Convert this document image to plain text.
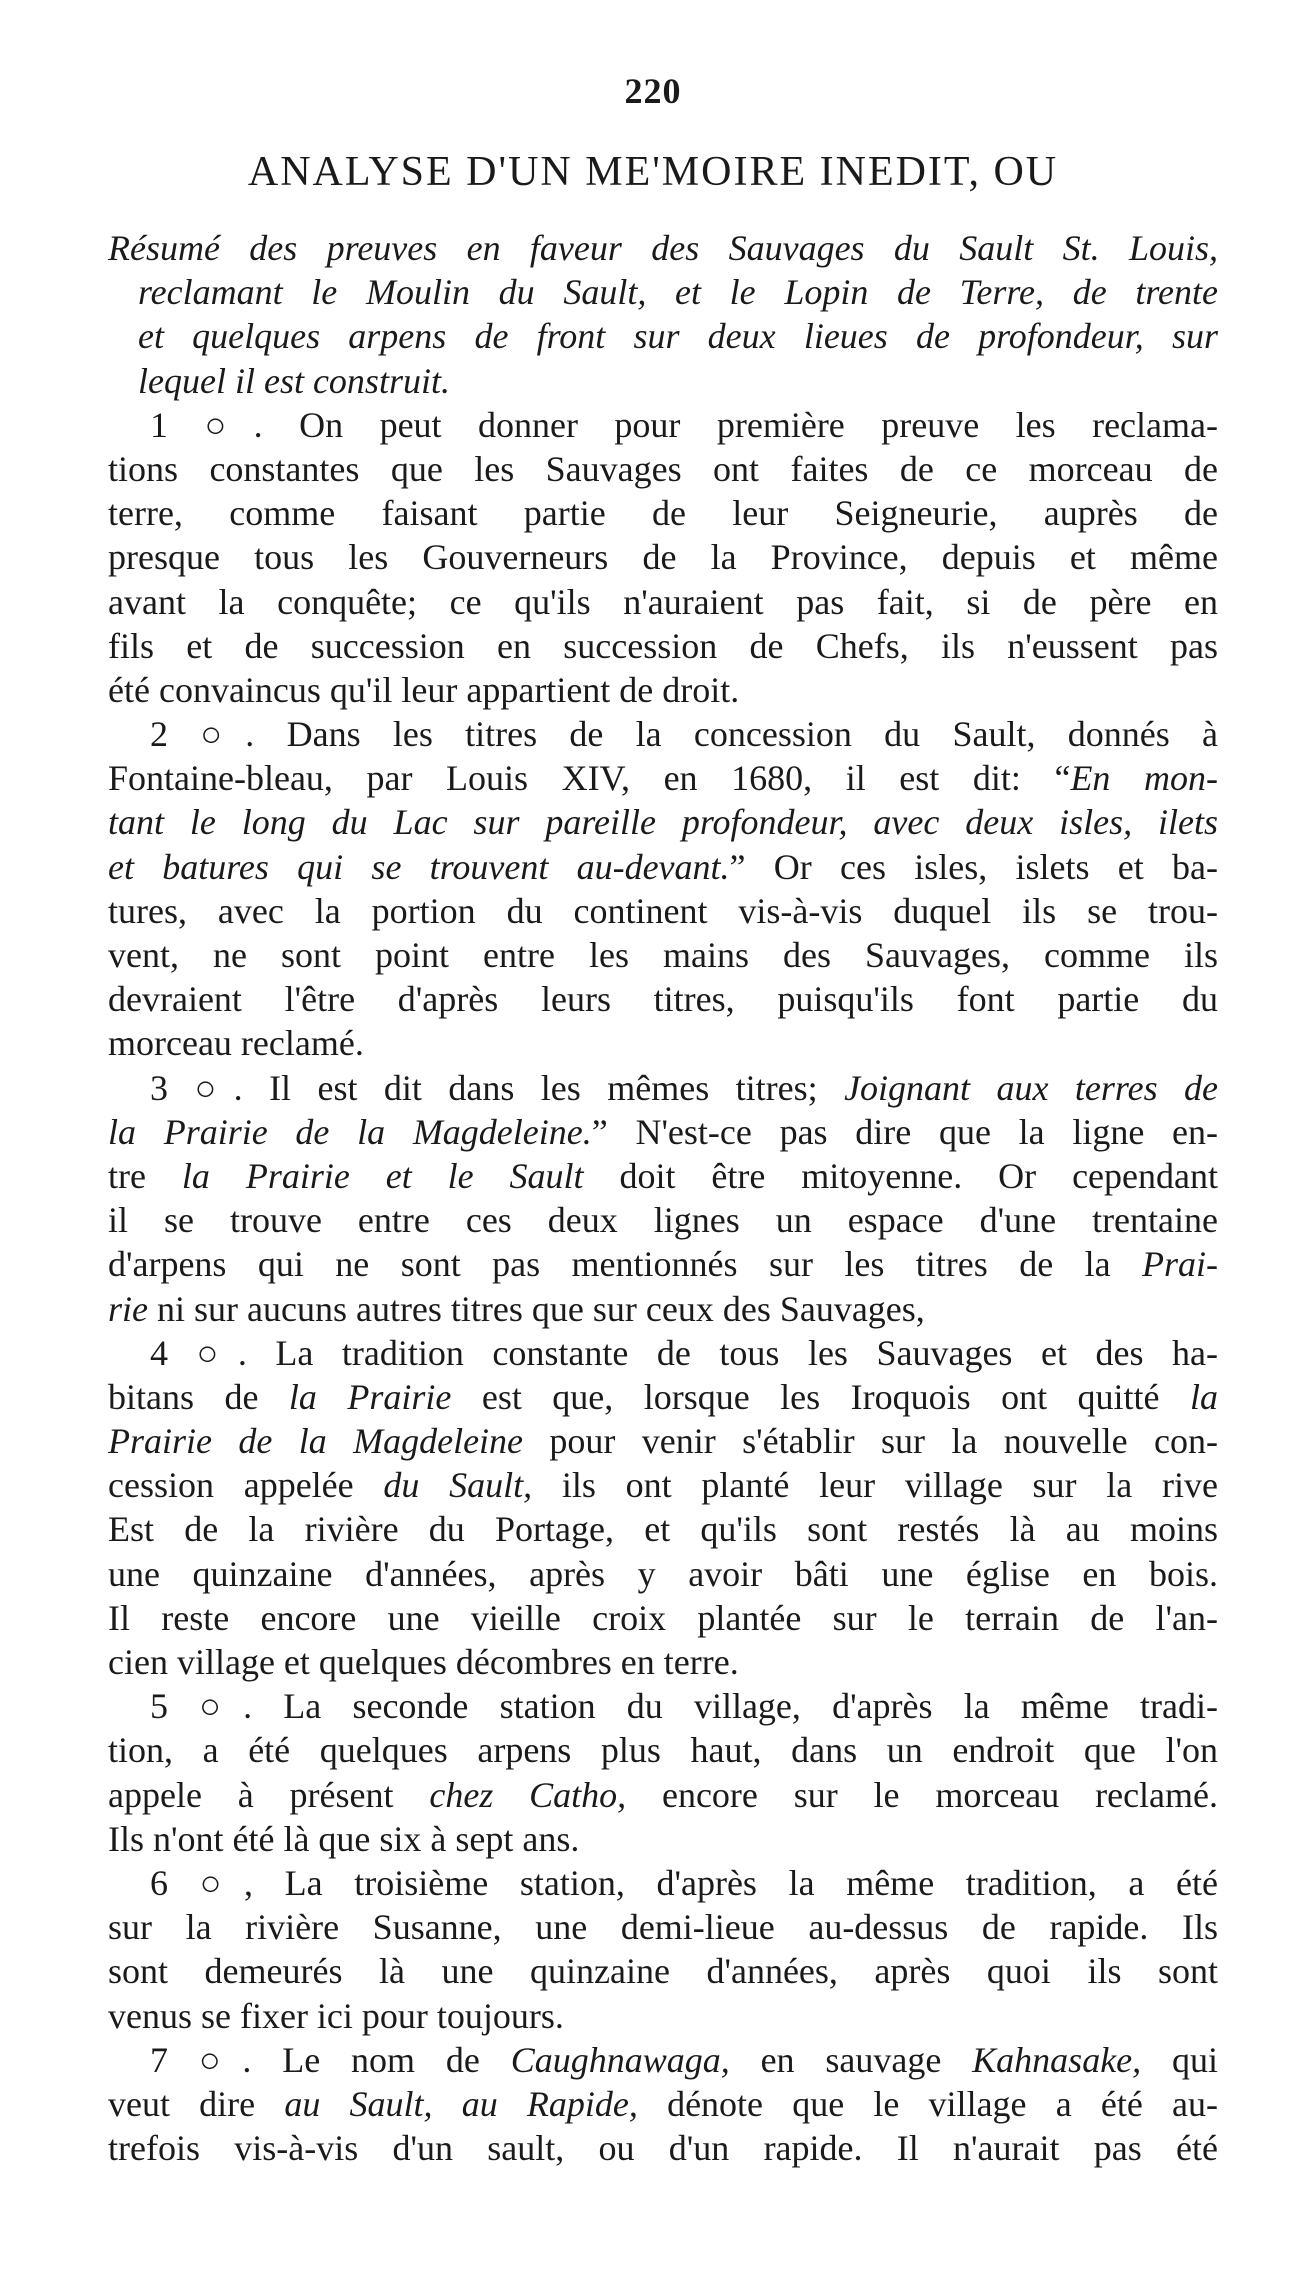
220
ANALYSE D'UN ME'MOIRE INEDIT, OU
Résumé des preuves en faveur des Sauvages du Sault St. Louis,
reclamant le Moulin du Sault, et le Lopin de Terre, de trente
et quelques arpens de front sur deux lieues de profondeur, sur
lequel il est construit.
1 ○. On peut donner pour première preuve les reclama-
tions constantes que les Sauvages ont faites de ce morceau de
terre, comme faisant partie de leur Seigneurie, auprès de
presque tous les Gouverneurs de la Province, depuis et même
avant la conquête; ce qu'ils n'auraient pas fait, si de père en
fils et de succession en succession de Chefs, ils n'eussent pas
été convaincus qu'il leur appartient de droit.
2 ○. Dans les titres de la concession du Sault, donnés à
Fontaine-bleau, par Louis XIV, en 1680, il est dit: “En mon-
tant le long du Lac sur pareille profondeur, avec deux isles, ilets
et batures qui se trouvent au-devant.” Or ces isles, islets et ba-
tures, avec la portion du continent vis-à-vis duquel ils se trou-
vent, ne sont point entre les mains des Sauvages, comme ils
devraient l'être d'après leurs titres, puisqu'ils font partie du
morceau reclamé.
3 ○. Il est dit dans les mêmes titres; Joignant aux terres de
la Prairie de la Magdeleine.” N'est-ce pas dire que la ligne en-
tre la Prairie et le Sault doit être mitoyenne. Or cependant
il se trouve entre ces deux lignes un espace d'une trentaine
d'arpens qui ne sont pas mentionnés sur les titres de la Prai-
rie ni sur aucuns autres titres que sur ceux des Sauvages,
4 ○. La tradition constante de tous les Sauvages et des ha-
bitans de la Prairie est que, lorsque les Iroquois ont quitté la
Prairie de la Magdeleine pour venir s'établir sur la nouvelle con-
cession appelée du Sault, ils ont planté leur village sur la rive
Est de la rivière du Portage, et qu'ils sont restés là au moins
une quinzaine d'années, après y avoir bâti une église en bois.
Il reste encore une vieille croix plantée sur le terrain de l'an-
cien village et quelques décombres en terre.
5 ○. La seconde station du village, d'après la même tradi-
tion, a été quelques arpens plus haut, dans un endroit que l'on
appele à présent chez Catho, encore sur le morceau reclamé.
Ils n'ont été là que six à sept ans.
6 ○, La troisième station, d'après la même tradition, a été
sur la rivière Susanne, une demi-lieue au-dessus de rapide. Ils
sont demeurés là une quinzaine d'années, après quoi ils sont
venus se fixer ici pour toujours.
7 ○. Le nom de Caughnawaga, en sauvage Kahnasake, qui
veut dire au Sault, au Rapide, dénote que le village a été au-
trefois vis-à-vis d'un sault, ou d'un rapide. Il n'aurait pas été
